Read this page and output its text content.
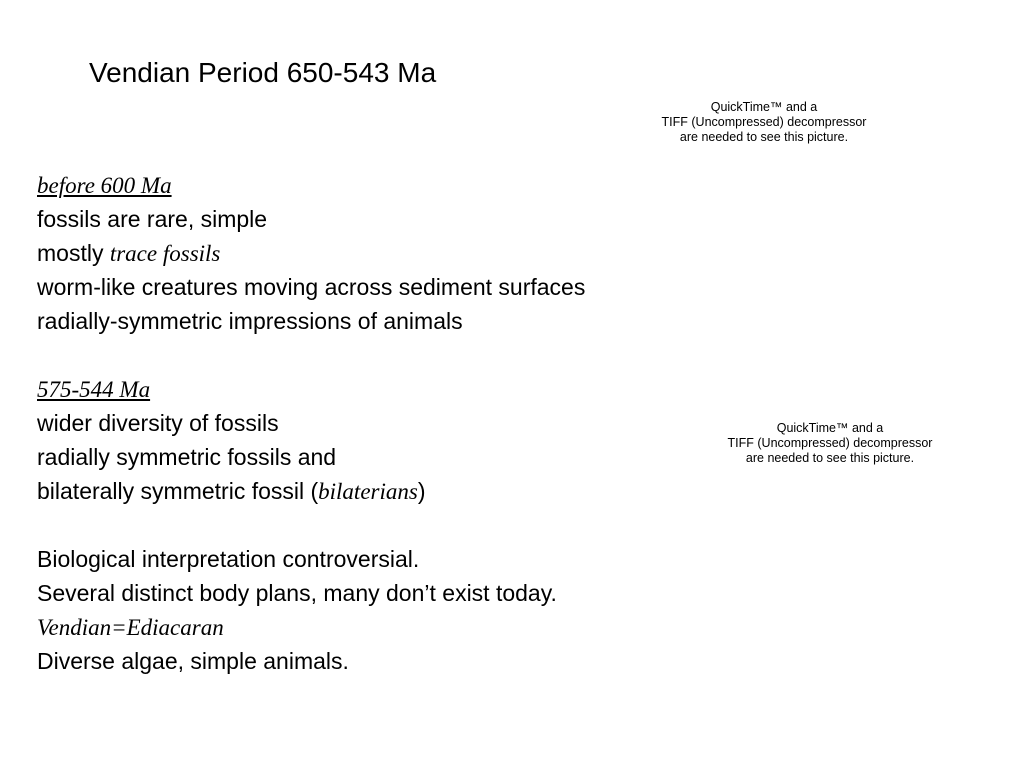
Vendian Period 650-543 Ma
QuickTime™ and a
TIFF (Uncompressed) decompressor
are needed to see this picture.
QuickTime™ and a
TIFF (Uncompressed) decompressor
are needed to see this picture.
before 600 Ma
fossils are rare, simple
mostly trace fossils
worm-like creatures moving across sediment surfaces
radially-symmetric impressions of animals
575-544 Ma
wider diversity of fossils
radially symmetric fossils and
bilaterally symmetric fossil (bilaterians)
Biological interpretation controversial.
Several distinct body plans, many don’t exist today.
Vendian=Ediacaran
Diverse algae, simple animals.
